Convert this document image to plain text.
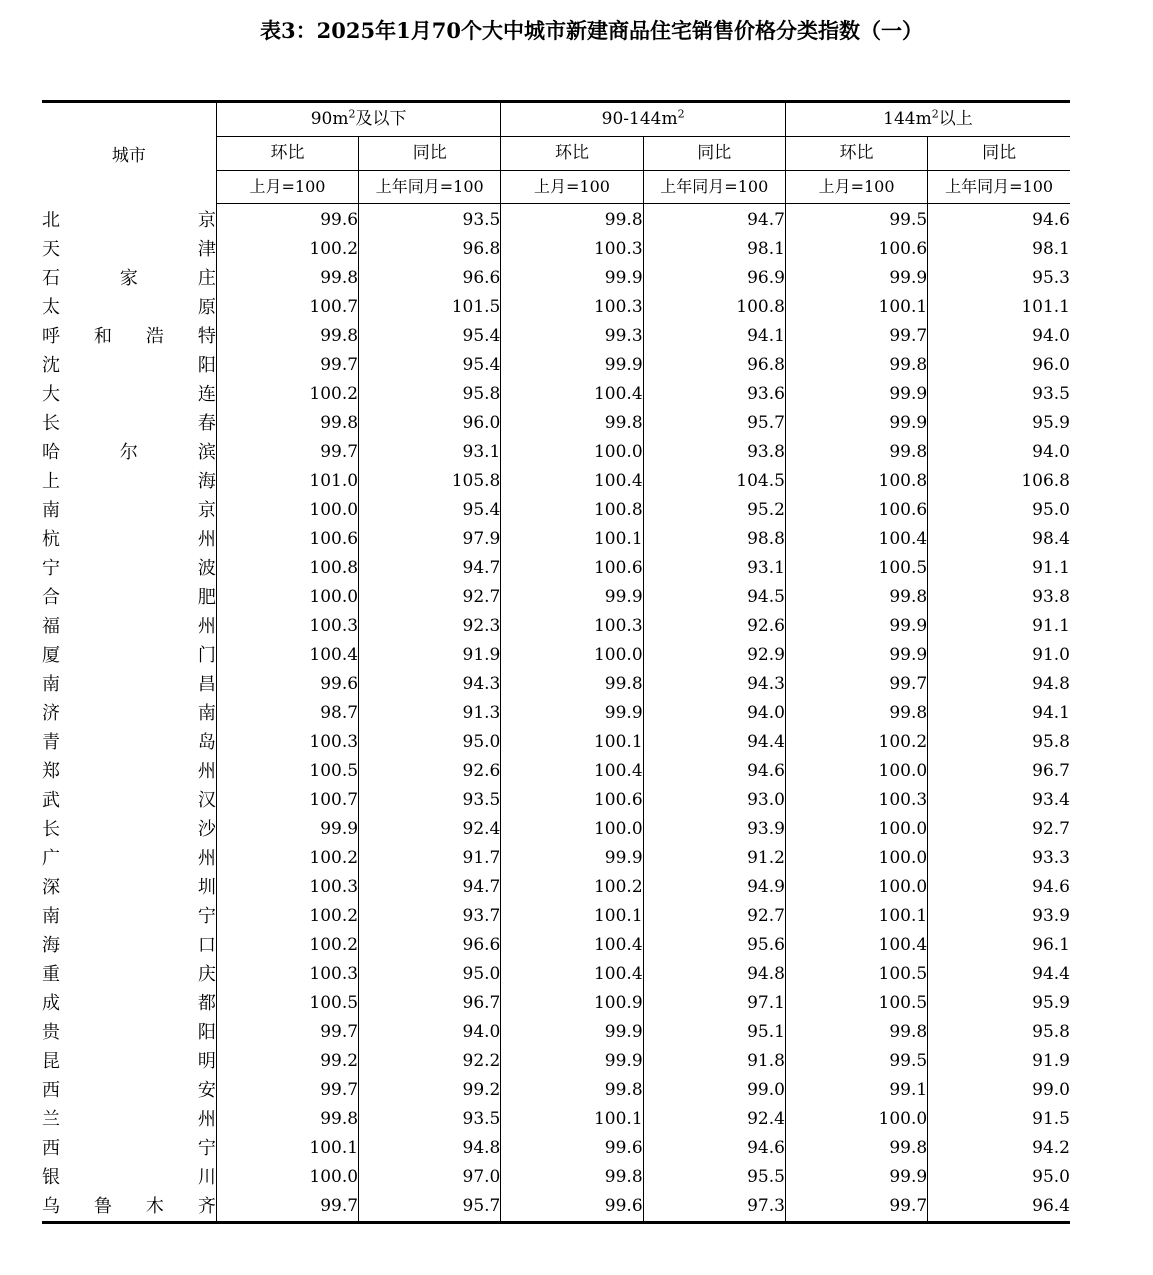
表3：2025年1月70个大中城市新建商品住宅销售价格分类指数（一）
城市	$90m^2$及以下		$90-144m^2$		$144m^2$以上	
	环比	同比	环比	同比	环比	同比
	上月=100	上年同月=100	上月=100	上年同月=100	上月=100	上年同月=100
北京	99.6	93.5	99.8	94.7	99.5	94.6
天津	100.2	96.8	100.3	98.1	100.6	98.1
石家庄	99.8	96.6	99.9	96.9	99.9	95.3
太原	100.7	101.5	100.3	100.8	100.1	101.1
呼和浩特	99.8	95.4	99.3	94.1	99.7	94.0
沈阳	99.7	95.4	99.9	96.8	99.8	96.0
大连	100.2	95.8	100.4	93.6	99.9	93.5
长春	99.8	96.0	99.8	95.7	99.9	95.9
哈尔滨	99.7	93.1	100.0	93.8	99.8	94.0
上海	101.0	105.8	100.4	104.5	100.8	106.8
南京	100.0	95.4	100.8	95.2	100.6	95.0
杭州	100.6	97.9	100.1	98.8	100.4	98.4
宁波	100.8	94.7	100.6	93.1	100.5	91.1
合肥	100.0	92.7	99.9	94.5	99.8	93.8
福州	100.3	92.3	100.3	92.6	99.9	91.1
厦门	100.4	91.9	100.0	92.9	99.9	91.0
南昌	99.6	94.3	99.8	94.3	99.7	94.8
济南	98.7	91.3	99.9	94.0	99.8	94.1
青岛	100.3	95.0	100.1	94.4	100.2	95.8
郑州	100.5	92.6	100.4	94.6	100.0	96.7
武汉	100.7	93.5	100.6	93.0	100.3	93.4
长沙	99.9	92.4	100.0	93.9	100.0	92.7
广州	100.2	91.7	99.9	91.2	100.0	93.3
深圳	100.3	94.7	100.2	94.9	100.0	94.6
南宁	100.2	93.7	100.1	92.7	100.1	93.9
海口	100.2	96.6	100.4	95.6	100.4	96.1
重庆	100.3	95.0	100.4	94.8	100.5	94.4
成都	100.5	96.7	100.9	97.1	100.5	95.9
贵阳	99.7	94.0	99.9	95.1	99.8	95.8
昆明	99.2	92.2	99.9	91.8	99.5	91.9
西安	99.7	99.2	99.8	99.0	99.1	99.0
兰州	99.8	93.5	100.1	92.4	100.0	91.5
西宁	100.1	94.8	99.6	94.6	99.8	94.2
银川	100.0	97.0	99.8	95.5	99.9	95.0
乌鲁木齐	99.7	95.7	99.6	97.3	99.7	96.4
